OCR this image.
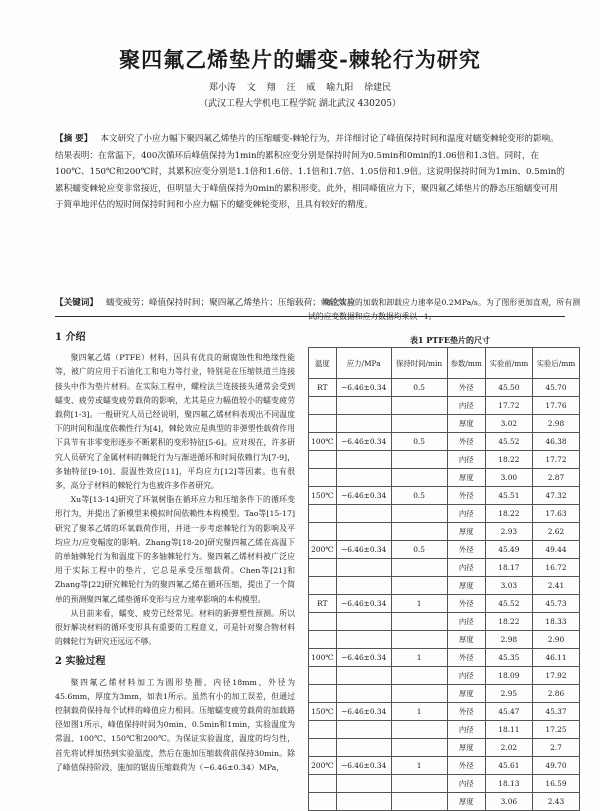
聚四氟乙烯垫片的蠕变-棘轮行为研究
郑小涛 文 翔 汪 威 喻九阳 徐建民
（武汉工程大学机电工程学院 湖北武汉 430205）
【摘 要】 本文研究了小应力幅下聚四氟乙烯垫片的压缩蠕变-棘轮行为，并详细讨论了峰值保持时间和温度对蠕变棘轮变形的影响。结果表明：在常温下，400次循环后峰值保持为1min的累积应变分别是保持时间为0.5min和0min的1.06倍和1.3倍。同时，在100℃、150℃和200℃时，其累积应变分别是1.1倍和1.6倍、1.1倍和1.7倍、1.05倍和1.9倍。这说明保持时间为1min、0.5min的累积蠕变棘轮应变非常接近，但明显大于峰值保持为0min的累积形变。此外，相同峰值应力下，聚四氟乙烯垫片的静态压缩蠕变可用于简单地评估的短时间保持时间和小应力幅下的蠕变棘轮变形，且具有较好的精度。
【关键词】 蠕变疲劳；峰值保持时间；聚四氟乙烯垫片；压缩载荷；棘轮效应
1 介绍

聚四氟乙烯（PTFE）材料，因具有优良的耐腐蚀性和绝缘性能等，被广的应用于石油化工和电力等行业，特别是在压缩铁道兰连接接头中作为垫片材料。在实际工程中，螺栓法兰连接接头通常会受到蠕变、疲劳或蠕变疲劳载荷的影响，尤其是应力幅值较小的蠕变疲劳载荷[1-3]。一般研究人员已经说明，聚四氟乙烯材料表现出不同温度下的时间和温度依赖性行为[4]，棘轮效应是典型的非弹塑性载荷作用下具节有非零变形逐步不断累积的变形特征[5-6]。应对现在，许多研究人员研究了金属材料的棘轮行为与渐进循环和时间依赖行为[7-9]，多轴特征[9-10]、混温性效应[11]，平均应力[12]等因素。也有很多，高分子材料的棘轮行为也被许多作者研究。

Xu等[13-14]研究了环氧树脂在循环应力和压缩条件下的循环变形行为，并提出了新模型来模拟时间依赖性本构模型。Tao等[15-17]研究了聚苯乙烯的环氧载荷作用，并进一步考虑棘轮行为的影响及平均应力/应变幅度的影响。Zhang等[18-20]研究聚四氟乙烯在高温下的单轴棘轮行为和温度下的多轴棘轮行为。聚四氟乙烯材料被广泛应用于实际工程中的垫片，它总是承受压缩载荷。Chen等[21]和Zhang等[22]研究棘轮行为的聚四氟乙烯在循环压缩，提出了一个简单的预测聚四氟乙烯垫循环变形与应力速率影响的本构模型。

从目前来看，蠕变、疲劳已经常见。材料的新弹塑性预测。所以很好解决材料的循环变形具有重要的工程意义，可是针对聚合物材料的棘轮行为研究还远远不够。

2 实验过程

聚四氟乙烯材料加工为圆形垫圈，内径18mm，外径为45.6mm，厚度为3mm，如表1所示。虽然有小的加工误差，但通过控制载荷保持每个试样的峰值应力相同。压缩蠕变疲劳载荷的加载路径如图1所示，峰值保持时间为0min、0.5min和1min，实验温度为常温、100℃、150℃和200℃。为保证实验温度，温度的均匀性，首先将试样加热到实验温度，然后在施加压缩载荷前保持30min。除了峰值保持阶段，施加的锯齿压缩载荷为（−6.46±0.34）MPa，

每次实验的加载和卸载应力速率是0.2MPa/s。为了图形更加直观，所有测试的应变数据和应力数据均乘以−1。

表1 PTFE垫片的尺寸
温度	应力/MPa	保持时间/min	参数/mm	实验前/mm	实验后/mm
RT	−6.46±0.34	0.5	外径	45.50	45.70
			内径	17.72	17.76
			厚度	3.02	2.98
100℃	−6.46±0.34	0.5	外径	45.52	46.38
			内径	18.22	17.72
			厚度	3.00	2.87
150℃	−6.46±0.34	0.5	外径	45.51	47.32
			内径	18.22	17.63
			厚度	2.93	2.62
200℃	−6.46±0.34	0.5	外径	45.49	49.44
			内径	18.17	16.72
			厚度	3.03	2.41
RT	−6.46±0.34	1	外径	45.52	45.73
			内径	18.22	18.33
			厚度	2.98	2.90
100℃	−6.46±0.34	1	外径	45.35	46.11
			内径	18.09	17.92
			厚度	2.95	2.86
150℃	−6.46±0.34	1	外径	45.47	45.37
			内径	18.11	17.25
			厚度	2.02	2.7
200℃	−6.46±0.34	1	外径	45.61	49.70
			内径	18.13	16.59
			厚度	3.06	2.43
